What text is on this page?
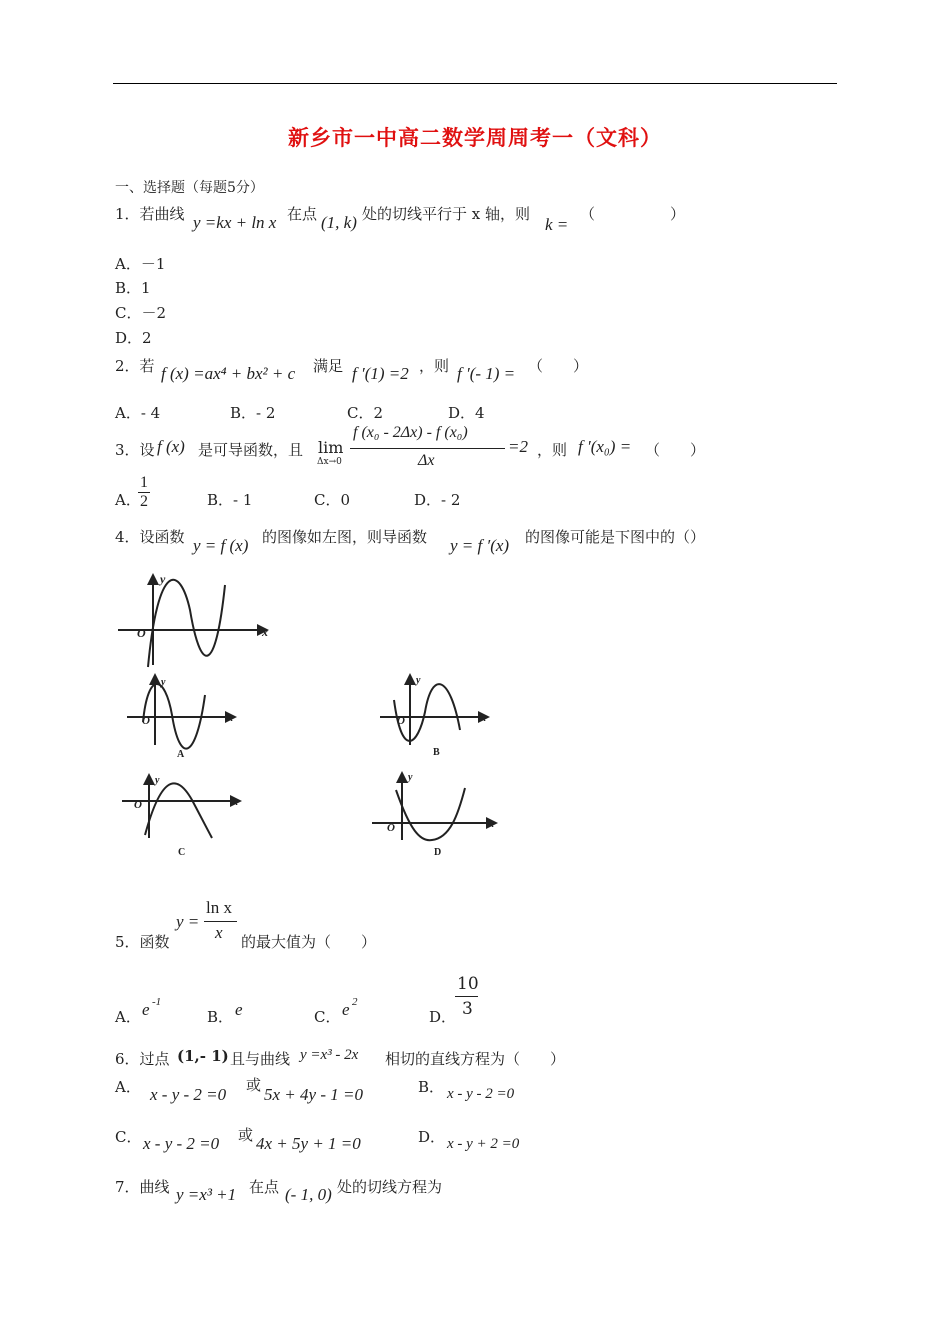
新乡市一中高二数学周周考一（文科）
一、选择题（每题5分）
1．若曲线 y =kx + ln x 在点 (1, k) 处的切线平行于 x 轴，则
k =
（　　　　　）
A．－1
B．1
C．－2
D．2
2．若 f (x) =ax⁴ + bx² + c 满足 f ′(1) =2 ，则 f ′(- 1) = （　　）
A．- 4	B．- 2	C．2	D．4
3．设 f (x) 是可导函数，且 lim
Δx→0
f (x₀ - 2Δx) - f (x₀)
Δx
=2 ，则 f ′(x₀) = （　　）
A．
$\frac{1}{2}$	B．- 1	C．0	D．- 2
4．设函数 y = f (x) 的图像如左图，则导函数 y = f ′(x) 的图像可能是下图中的（）
y
x
O
y
x
O
A
y
x
O
B
y
x
O
C
y
x
O
D
5．函数
y =
ln x
x 的最大值为（　　）
A． e -1
B． e	C． e 2
D．
10
3
6．过点 (1,- 1) 且与曲线 y =x³ - 2x 相切的直线方程为（　　）
A． x - y - 2 =0 或 5x + 4y - 1 =0	B． x - y - 2 =0
C． x - y - 2 =0 或 4x + 5y + 1 =0	D． x - y + 2 =0
7．曲线 y =x³ +1 在点 (- 1, 0) 处的切线方程为
